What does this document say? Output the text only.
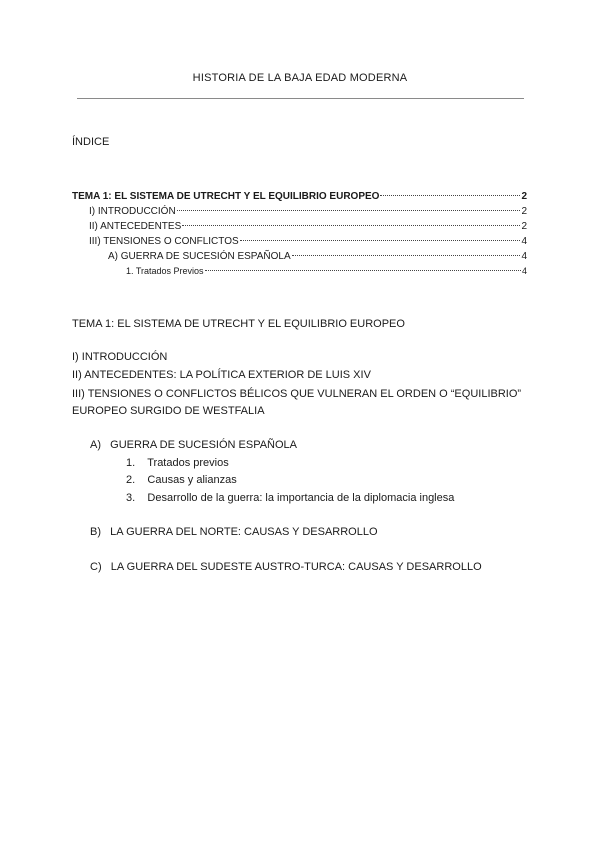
HISTORIA DE LA BAJA EDAD MODERNA
ÍNDICE
TEMA 1: EL SISTEMA DE UTRECHT Y EL EQUILIBRIO EUROPEO	2
I) INTRODUCCIÓN	2
II) ANTECEDENTES	2
III) TENSIONES O CONFLICTOS	4
A) GUERRA DE SUCESIÓN ESPAÑOLA	4
1. Tratados Previos	4
TEMA 1: EL SISTEMA DE UTRECHT Y EL EQUILIBRIO EUROPEO
I) INTRODUCCIÓN
II) ANTECEDENTES: LA POLÍTICA EXTERIOR DE LUIS XIV
III) TENSIONES O CONFLICTOS BÉLICOS QUE VULNERAN EL ORDEN O “EQUILIBRIO”
EUROPEO SURGIDO DE WESTFALIA
A) GUERRA DE SUCESIÓN ESPAÑOLA
B) LA GUERRA DEL NORTE: CAUSAS Y DESARROLLO
C) LA GUERRA DEL SUDESTE AUSTRO-TURCA: CAUSAS Y DESARROLLO
1. Tratados previos
2. Causas y alianzas
3. Desarrollo de la guerra: la importancia de la diplomacia inglesa
